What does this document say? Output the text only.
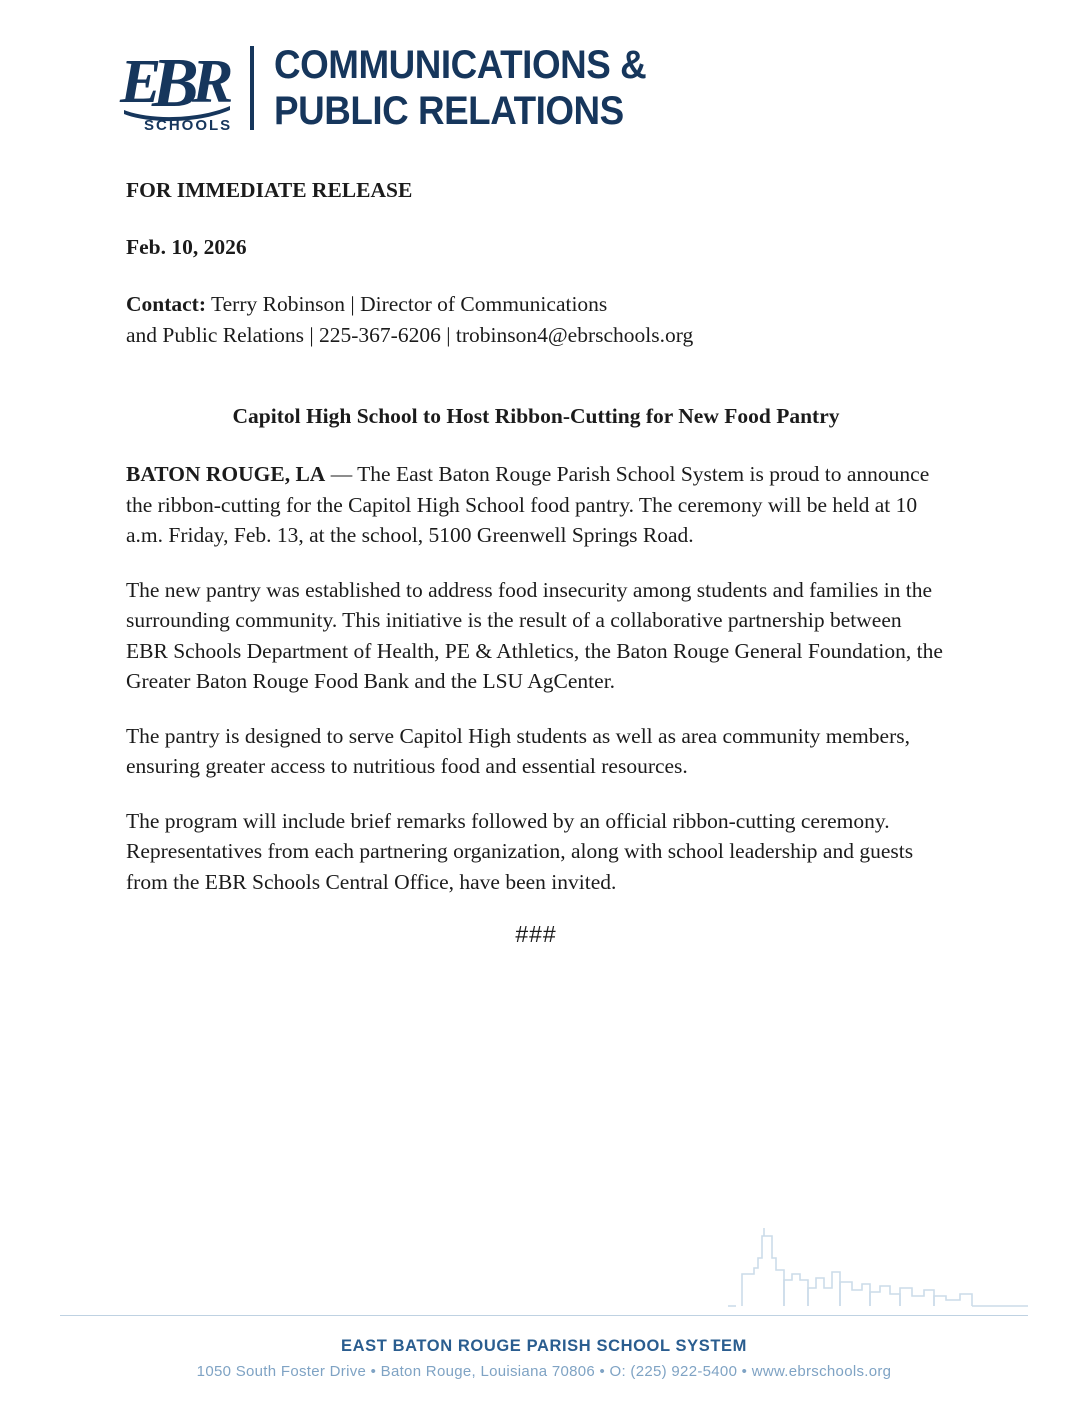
E
B
R
SCHOOLS
COMMUNICATIONS &
PUBLIC RELATIONS

FOR IMMEDIATE RELEASE

Feb. 10, 2026

Contact: Terry Robinson | Director of Communications
and Public Relations | 225-367-6206 | trobinson4@ebrschools.org

Capitol High School to Host Ribbon-Cutting for New Food Pantry

BATON ROUGE, LA — The East Baton Rouge Parish School System is proud to announce the ribbon-cutting for the Capitol High School food pantry. The ceremony will be held at 10 a.m. Friday, Feb. 13, at the school, 5100 Greenwell Springs Road.

The new pantry was established to address food insecurity among students and families in the surrounding community. This initiative is the result of a collaborative partnership between EBR Schools Department of Health, PE & Athletics, the Baton Rouge General Foundation, the Greater Baton Rouge Food Bank and the LSU AgCenter.

The pantry is designed to serve Capitol High students as well as area community members, ensuring greater access to nutritious food and essential resources.

The program will include brief remarks followed by an official ribbon-cutting ceremony. Representatives from each partnering organization, along with school leadership and guests from the EBR Schools Central Office, have been invited.

###

EAST BATON ROUGE PARISH SCHOOL SYSTEM
1050 South Foster Drive • Baton Rouge, Louisiana 70806 • O: (225) 922-5400 • www.ebrschools.org
